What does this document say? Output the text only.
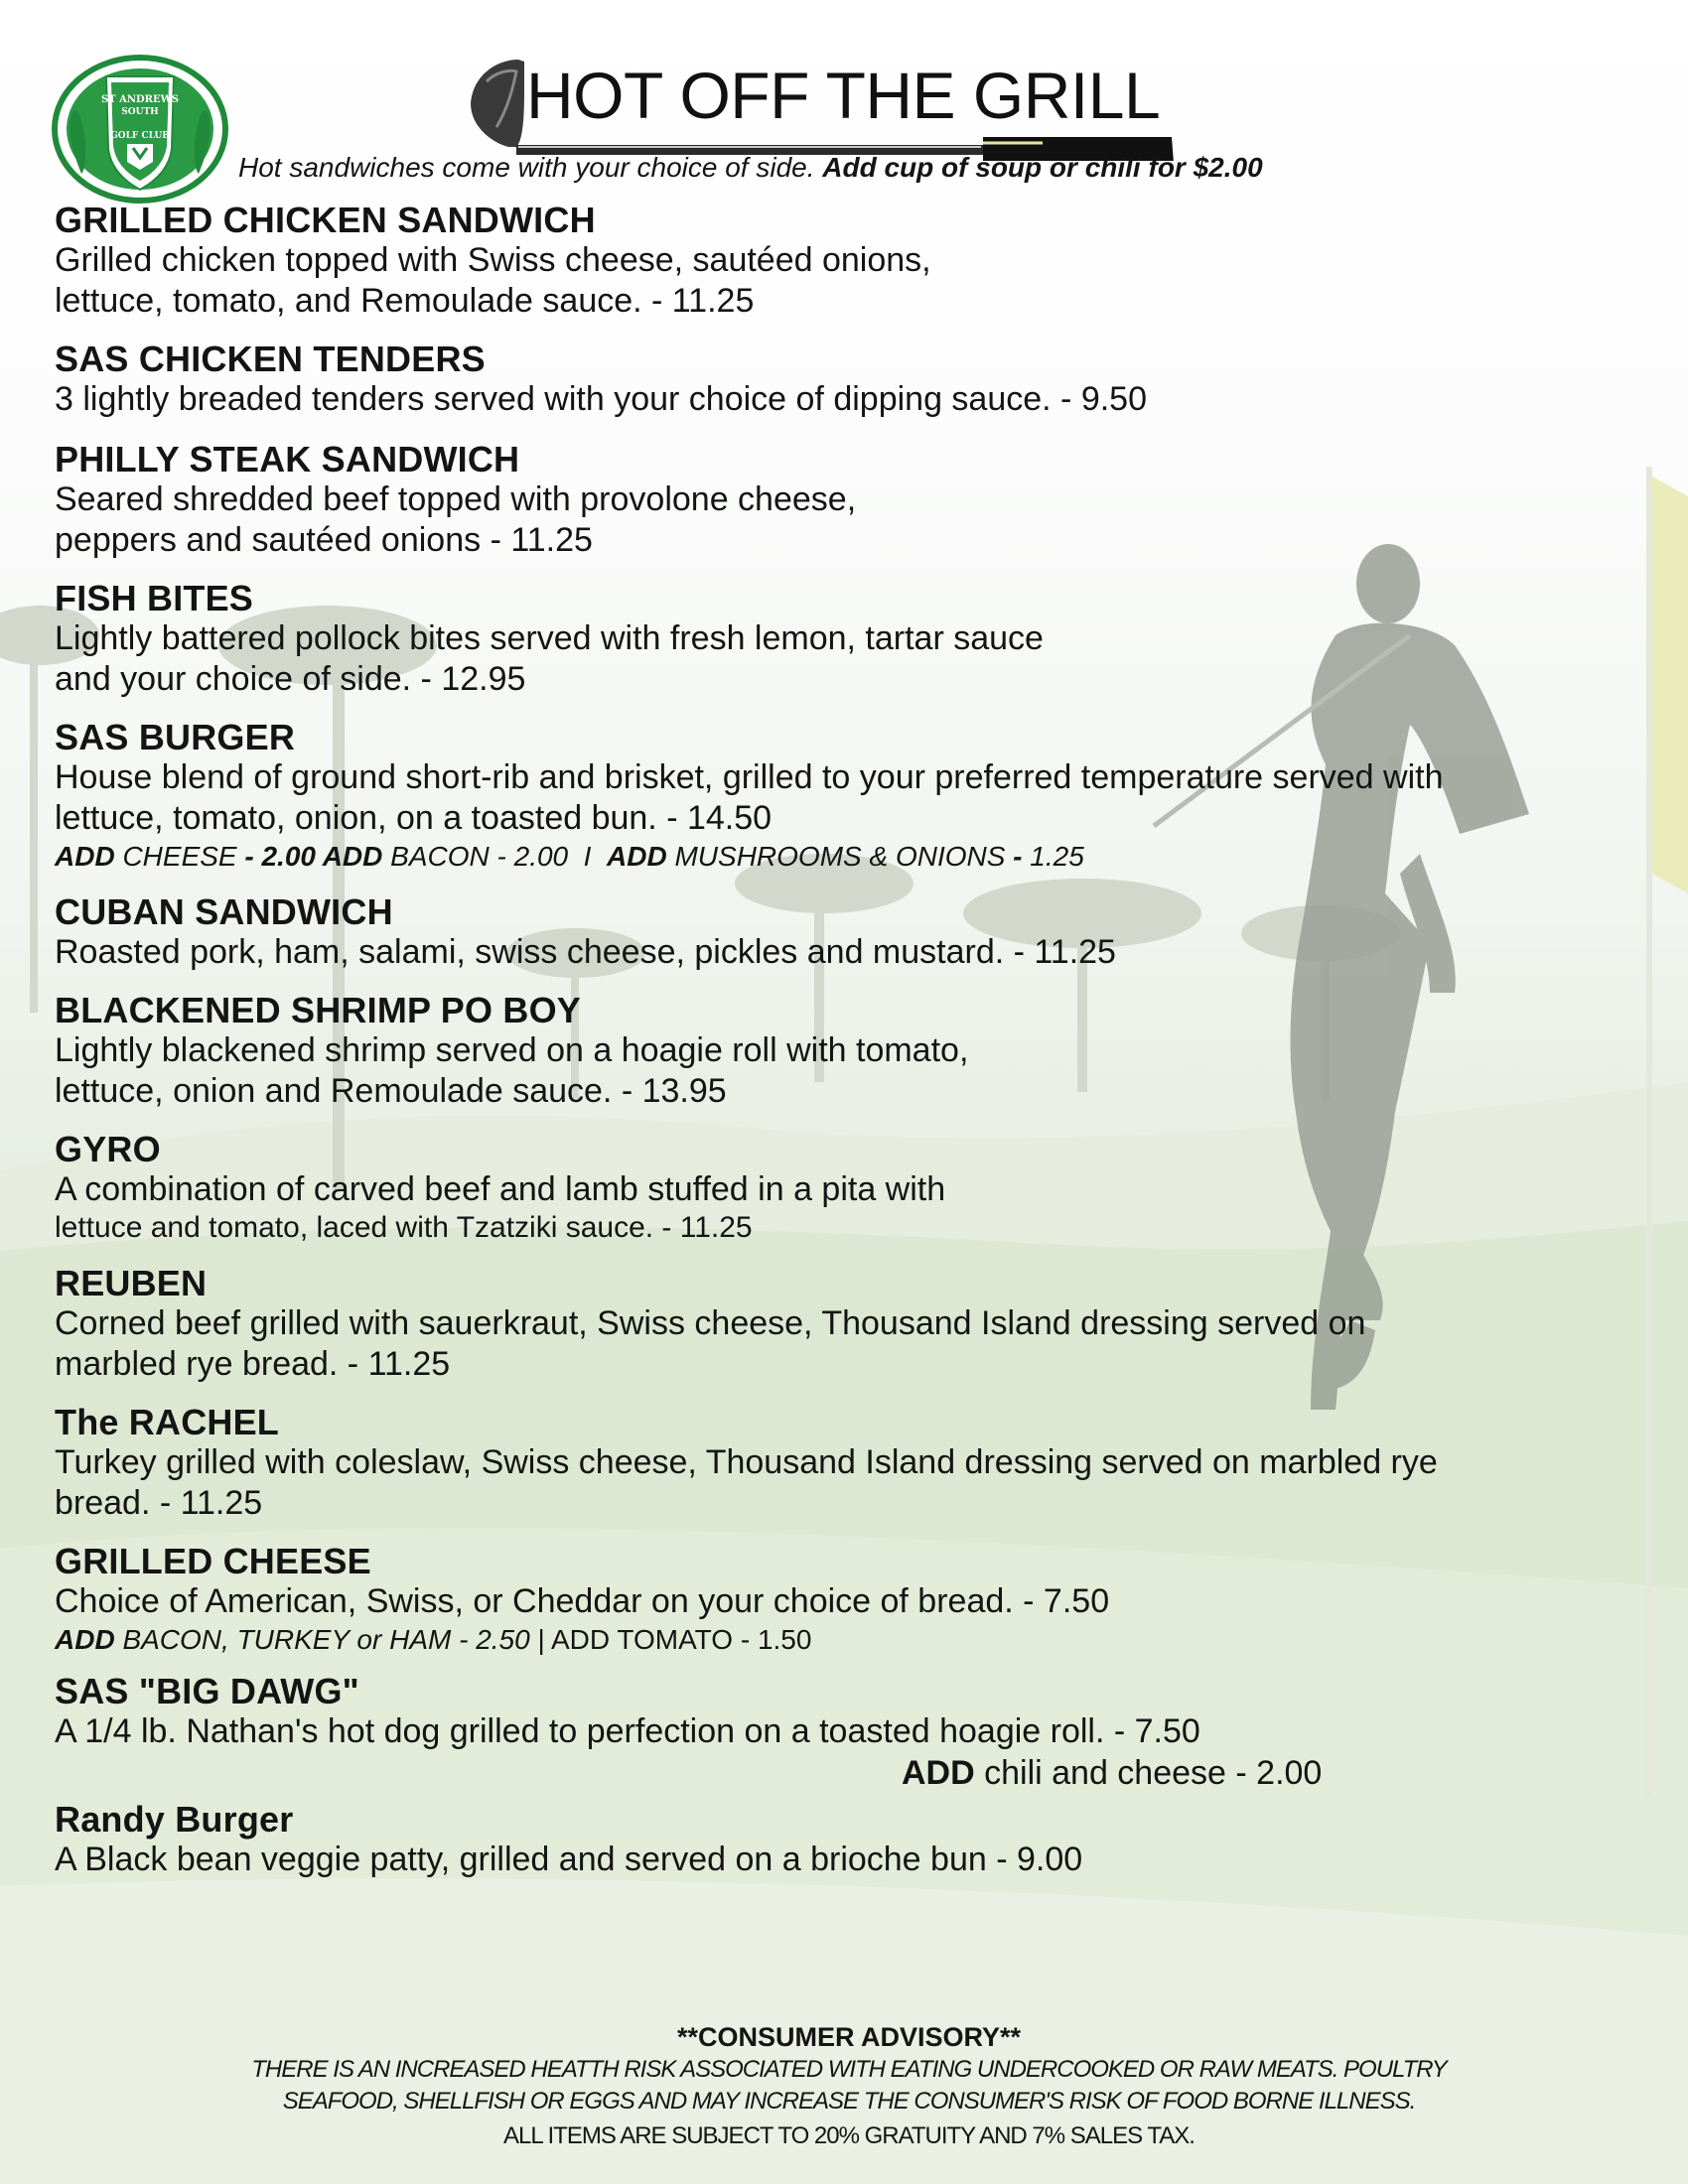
ST ANDREWS
SOUTH
GOLF CLUB
HOT OFF THE GRILL
Hot sandwiches come with your choice of side. Add cup of soup or chili for $2.00
GRILLED CHICKEN SANDWICH

Grilled chicken topped with Swiss cheese, sautéed onions,

lettuce, tomato, and Remoulade sauce. - 11.25

SAS CHICKEN TENDERS

3 lightly breaded tenders served with your choice of dipping sauce. - 9.50

PHILLY STEAK SANDWICH

Seared shredded beef topped with provolone cheese,

peppers and sautéed onions - 11.25

FISH BITES

Lightly battered pollock bites served with fresh lemon, tartar sauce

and your choice of side. - 12.95

SAS BURGER

House blend of ground short-rib and brisket, grilled to your preferred temperature served with

lettuce, tomato, onion, on a toasted bun. - 14.50

ADD CHEESE - 2.00 ADD BACON - 2.00  I  ADD MUSHROOMS & ONIONS - 1.25

CUBAN SANDWICH

Roasted pork, ham, salami, swiss cheese, pickles and mustard. - 11.25

BLACKENED SHRIMP PO BOY

Lightly blackened shrimp served on a hoagie roll with tomato,

lettuce, onion and Remoulade sauce. - 13.95

GYRO

A combination of carved beef and lamb stuffed in a pita with

lettuce and tomato, laced with Tzatziki sauce. - 11.25

REUBEN

Corned beef grilled with sauerkraut, Swiss cheese, Thousand Island dressing served on

marbled rye bread. - 11.25

The RACHEL

Turkey grilled with coleslaw, Swiss cheese, Thousand Island dressing served on marbled rye

bread. - 11.25

GRILLED CHEESE

Choice of American, Swiss, or Cheddar on your choice of bread. - 7.50

ADD BACON, TURKEY or HAM - 2.50 | ADD TOMATO - 1.50

SAS "BIG DAWG"

A 1/4 lb. Nathan's hot dog grilled to perfection on a toasted hoagie roll. - 7.50

ADD chili and cheese - 2.00

Randy Burger

A Black bean veggie patty, grilled and served on a brioche bun - 9.00

**CONSUMER ADVISORY**

THERE IS AN INCREASED HEATTH RISK ASSOCIATED WITH EATING UNDERCOOKED OR RAW MEATS. POULTRY

SEAFOOD, SHELLFISH OR EGGS AND MAY INCREASE THE CONSUMER'S RISK OF FOOD BORNE ILLNESS.

ALL ITEMS ARE SUBJECT TO 20% GRATUITY AND 7% SALES TAX.
